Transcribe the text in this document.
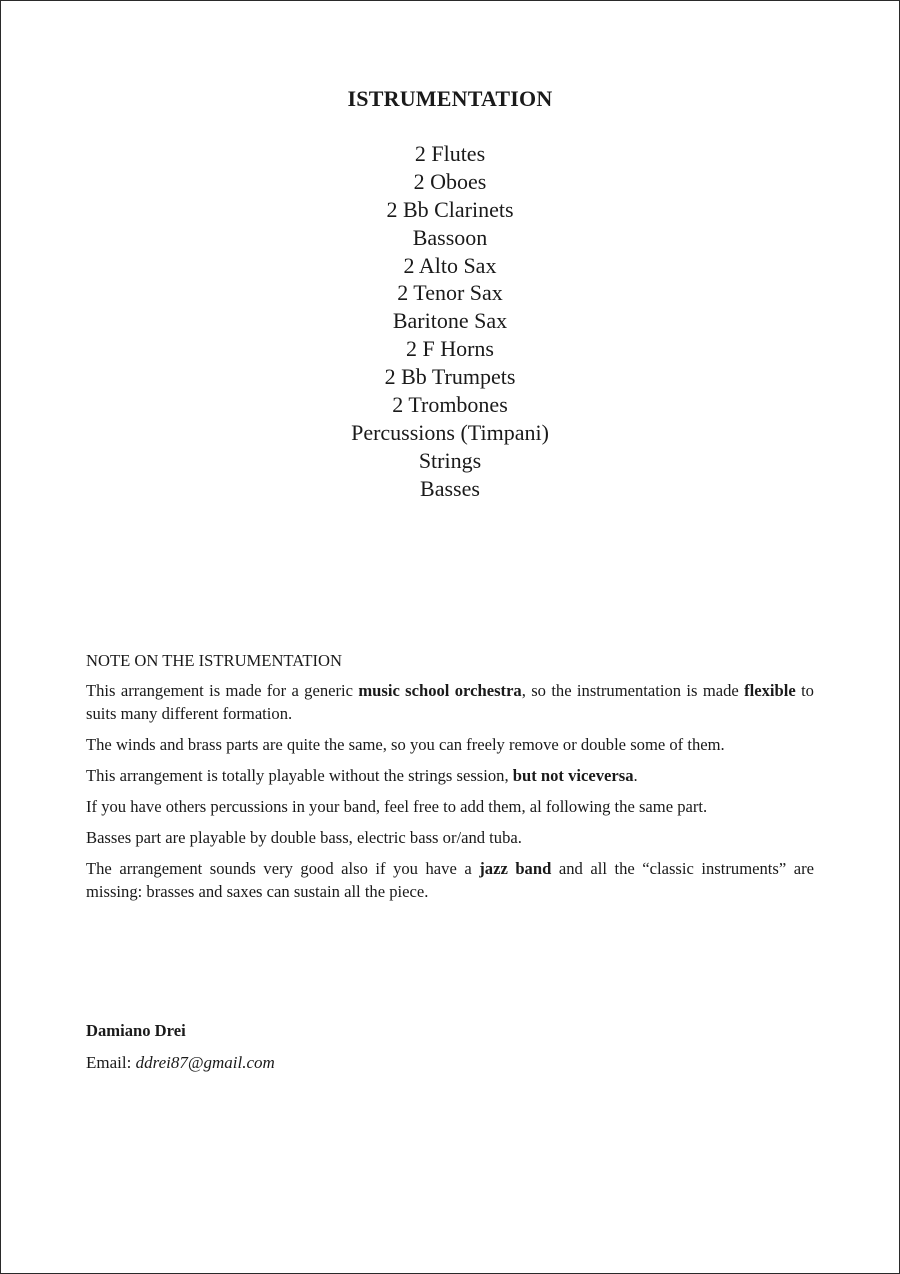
ISTRUMENTATION
2 Flutes
2 Oboes
2 Bb Clarinets
Bassoon
2 Alto Sax
2 Tenor Sax
Baritone Sax
2 F Horns
2 Bb Trumpets
2 Trombones
Percussions (Timpani)
Strings
Basses
NOTE ON THE ISTRUMENTATION

This arrangement is made for a generic music school orchestra, so the instrumentation is made flexible to suits many different formation.

The winds and brass parts are quite the same, so you can freely remove or double some of them.

This arrangement is totally playable without the strings session, but not viceversa.

If you have others percussions in your band, feel free to add them, al following the same part.

Basses part are playable by double bass, electric bass or/and tuba.

The arrangement sounds very good also if you have a jazz band and all the “classic instruments” are missing: brasses and saxes can sustain all the piece.

Damiano Drei
Email: ddrei87@gmail.com
